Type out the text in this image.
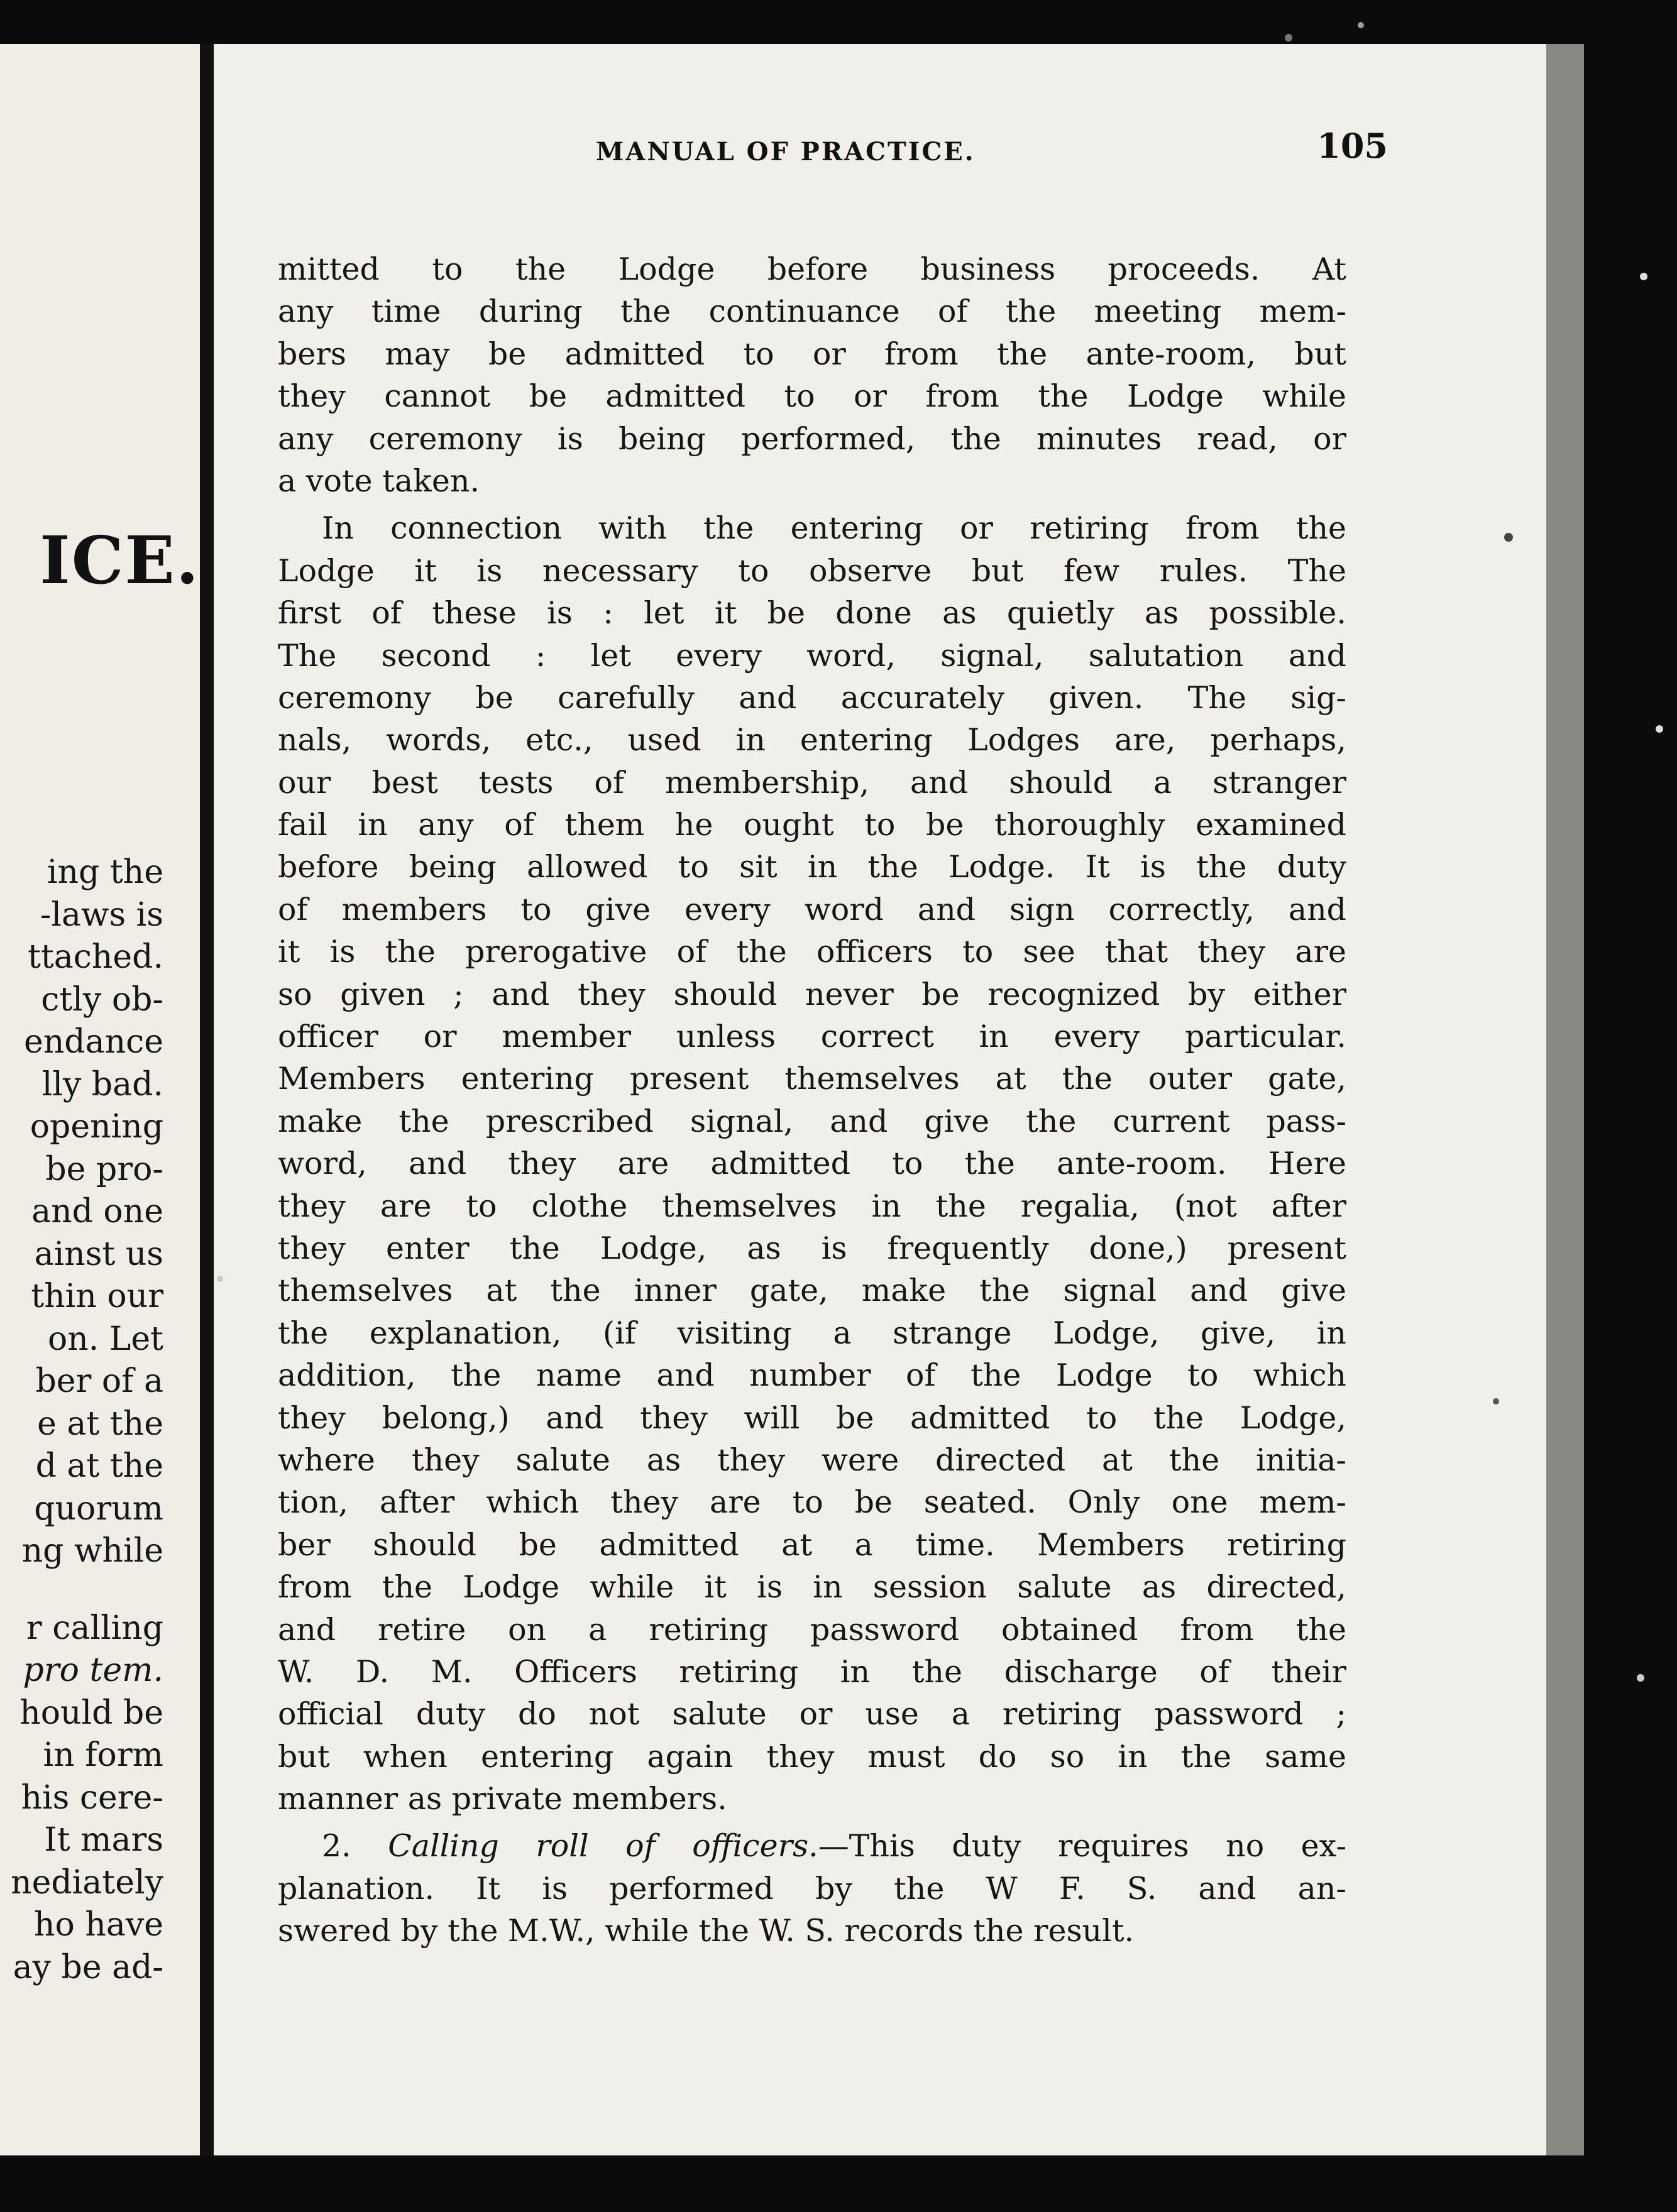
ICE.
ing the
-laws is
ttached.
ctly ob-
endance
lly bad.
opening
be pro-
and one
ainst us
thin our
on. Let
ber of a
e at the
d at the
quorum
ng while
r calling
pro tem.
hould be
in form
his cere-
It mars
nediately
ho have
ay be ad-
MANUAL OF PRACTICE.	105
mitted to the Lodge before business proceeds. At
any time during the continuance of the meeting mem-
bers may be admitted to or from the ante-room, but
they cannot be admitted to or from the Lodge while
any ceremony is being performed, the minutes read, or
a vote taken.
In connection with the entering or retiring from the
Lodge it is necessary to observe but few rules. The
first of these is : let it be done as quietly as possible.
The second : let every word, signal, salutation and
ceremony be carefully and accurately given. The sig-
nals, words, etc., used in entering Lodges are, perhaps,
our best tests of membership, and should a stranger
fail in any of them he ought to be thoroughly examined
before being allowed to sit in the Lodge. It is the duty
of members to give every word and sign correctly, and
it is the prerogative of the officers to see that they are
so given ; and they should never be recognized by either
officer or member unless correct in every particular.
Members entering present themselves at the outer gate,
make the prescribed signal, and give the current pass-
word, and they are admitted to the ante-room. Here
they are to clothe themselves in the regalia, (not after
they enter the Lodge, as is frequently done,) present
themselves at the inner gate, make the signal and give
the explanation, (if visiting a strange Lodge, give, in
addition, the name and number of the Lodge to which
they belong,) and they will be admitted to the Lodge,
where they salute as they were directed at the initia-
tion, after which they are to be seated. Only one mem-
ber should be admitted at a time. Members retiring
from the Lodge while it is in session salute as directed,
and retire on a retiring password obtained from the
W. D. M. Officers retiring in the discharge of their
official duty do not salute or use a retiring password ;
but when entering again they must do so in the same
manner as private members.
2. Calling roll of officers.—This duty requires no ex-
planation. It is performed by the W F. S. and an-
swered by the M.W., while the W. S. records the result.
